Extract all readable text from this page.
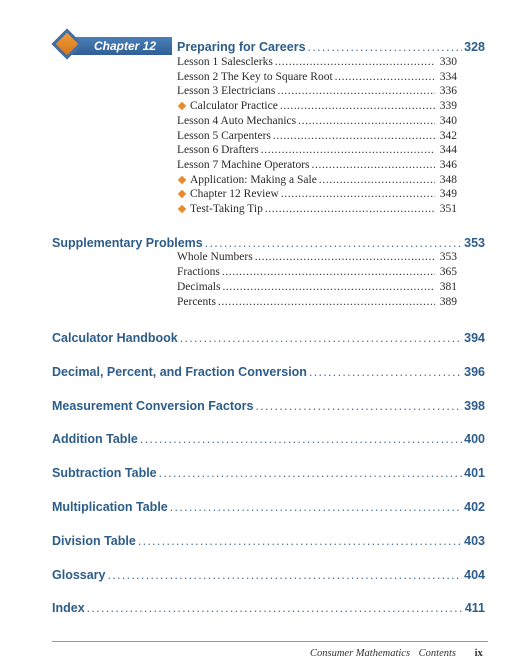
Chapter 12 Preparing for Careers .....	328
Lesson 1 Salesclerks .....	330
Lesson 2 The Key to Square Root .....	334
Lesson 3 Electricians .....	336
Calculator Practice .....	339
Lesson 4 Auto Mechanics .....	340
Lesson 5 Carpenters .....	342
Lesson 6 Drafters .....	344
Lesson 7 Machine Operators .....	346
Application: Making a Sale .....	348
Chapter 12 Review .....	349
Test-Taking Tip .....	351
Supplementary Problems .....	353
Whole Numbers .....	353
Fractions .....	365
Decimals .....	381
Percents .....	389
Calculator Handbook .....	394
Decimal, Percent, and Fraction Conversion .....	396
Measurement Conversion Factors .....	398
Addition Table .....	400
Subtraction Table .....	401
Multiplication Table .....	402
Division Table .....	403
Glossary .....	404
Index .....	411
Consumer Mathematics Contents ix
